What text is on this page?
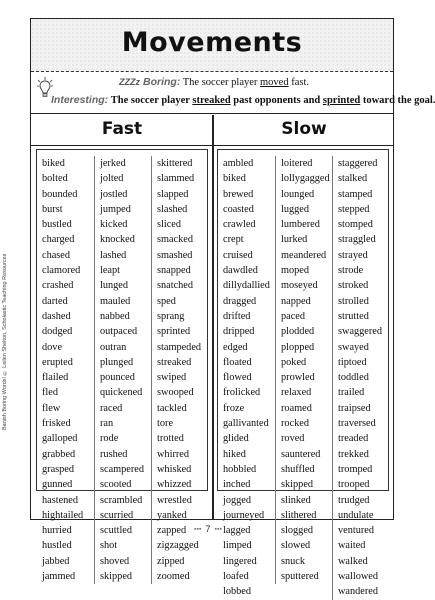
Banish Boring Words! © Leilen Shelton, Scholastic Teaching Resources
Movements
ZZZz Boring: The soccer player moved fast.
Interesting: The soccer player streaked past opponents and sprinted toward the goal.
Fast	Slow
biked
bolted
bounded
burst
bustled
charged
chased
clamored
crashed
darted
dashed
dodged
dove
erupted
flailed
fled
flew
frisked
galloped
grabbed
grasped
gunned
hastened
hightailed
hurried
hustled
jabbed
jammed
jerked
jolted
jostled
jumped
kicked
knocked
lashed
leapt
lunged
mauled
nabbed
outpaced
outran
plunged
pounced
quickened
raced
ran
rode
rushed
scampered
scooted
scrambled
scurried
scuttled
shot
shoved
skipped
skittered
slammed
slapped
slashed
sliced
smacked
smashed
snapped
snatched
sped
sprang
sprinted
stampeded
streaked
swiped
swooped
tackled
tore
trotted
whirred
whisked
whizzed
wrestled
yanked
zapped
zigzagged
zipped
zoomed
ambled
biked
brewed
coasted
crawled
crept
cruised
dawdled
dillydallied
dragged
drifted
dripped
edged
floated
flowed
frolicked
froze
gallivanted
glided
hiked
hobbled
inched
jogged
journeyed
lagged
limped
lingered
loafed
lobbed
loitered
lollygagged
lounged
lugged
lumbered
lurked
meandered
moped
moseyed
napped
paced
plodded
plopped
poked
prowled
relaxed
roamed
rocked
roved
sauntered
shuffled
skipped
slinked
slithered
slogged
slowed
snuck
sputtered
staggered
stalked
stamped
stepped
stomped
straggled
strayed
strode
stroked
strolled
strutted
swaggered
swayed
tiptoed
toddled
trailed
traipsed
traversed
treaded
trekked
tromped
trooped
trudged
undulate
ventured
waited
walked
wallowed
wandered
▪▪▪ 7 ▪▪▪
